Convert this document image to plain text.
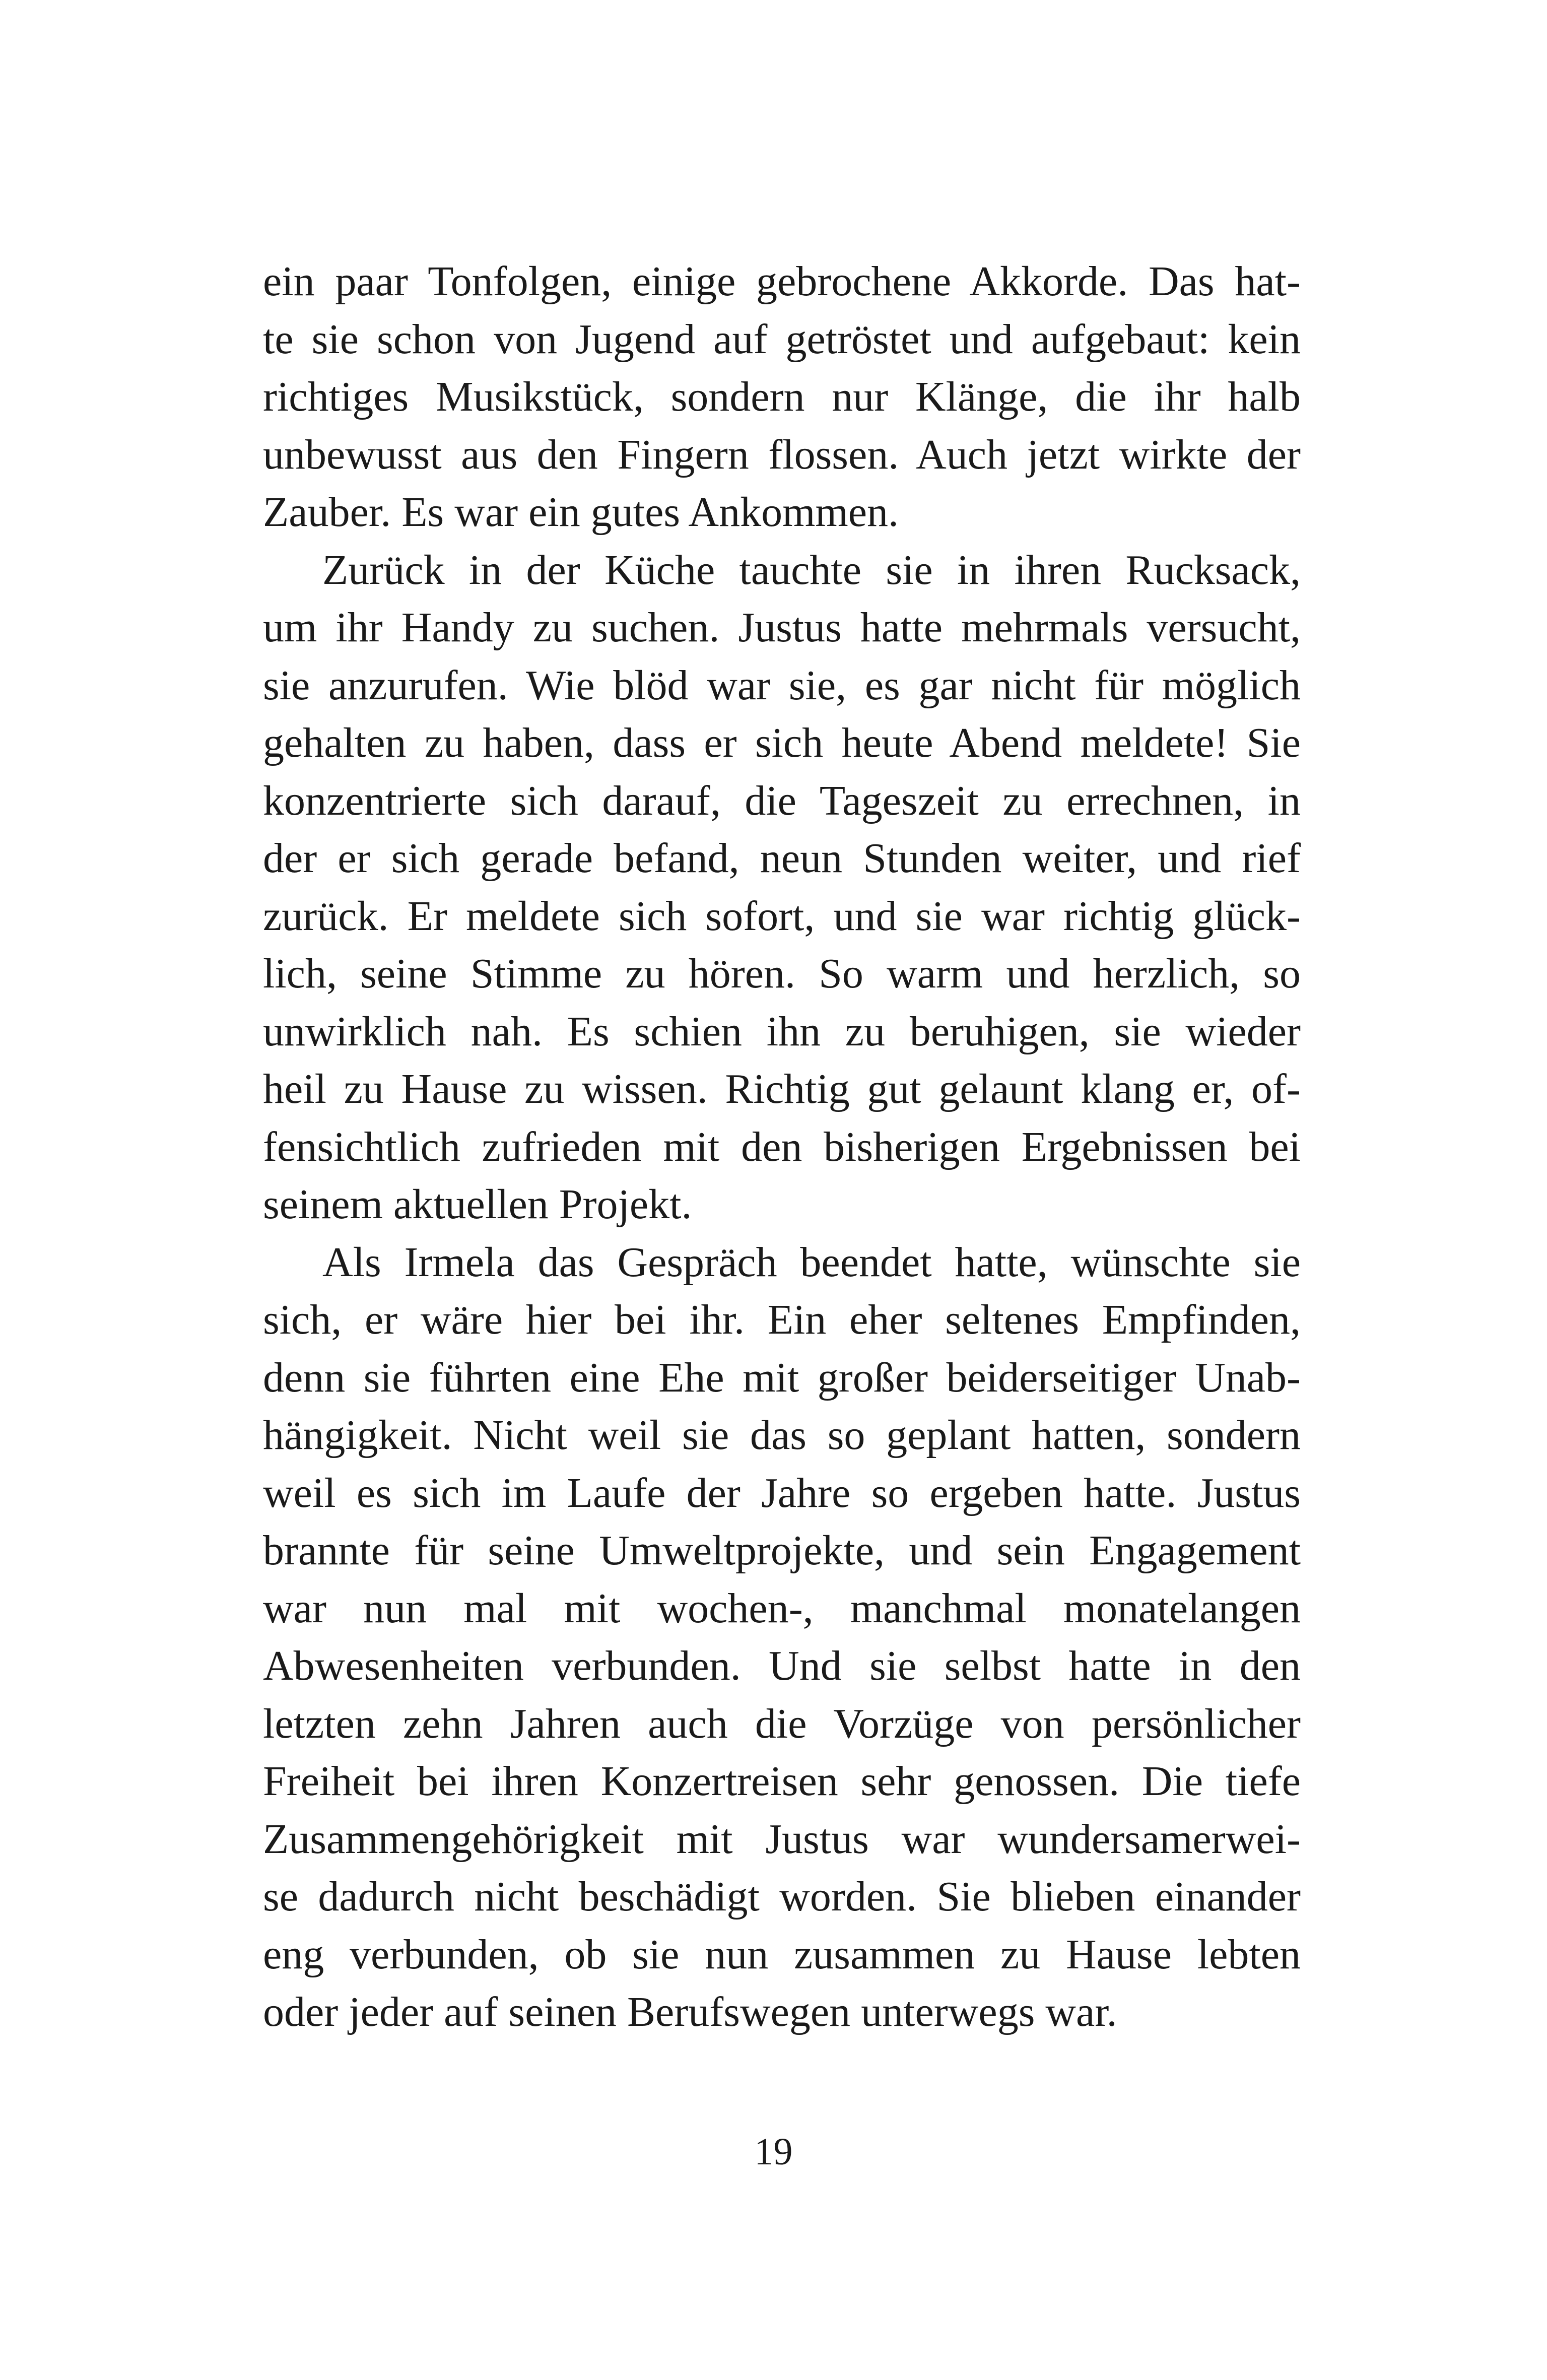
ein paar Tonfolgen, einige gebrochene Akkorde. Das hat-
te sie schon von Jugend auf getröstet und aufgebaut: kein
richtiges Musikstück, sondern nur Klänge, die ihr halb
unbewusst aus den Fingern flossen. Auch jetzt wirkte der
Zauber. Es war ein gutes Ankommen.
Zurück in der Küche tauchte sie in ihren Rucksack,
um ihr Handy zu suchen. Justus hatte mehrmals versucht,
sie anzurufen. Wie blöd war sie, es gar nicht für möglich
gehalten zu haben, dass er sich heute Abend meldete! Sie
konzentrierte sich darauf, die Tageszeit zu errechnen, in
der er sich gerade befand, neun Stunden weiter, und rief
zurück. Er meldete sich sofort, und sie war richtig glück-
lich, seine Stimme zu hören. So warm und herzlich, so
unwirklich nah. Es schien ihn zu beruhigen, sie wieder
heil zu Hause zu wissen. Richtig gut gelaunt klang er, of-
fensichtlich zufrieden mit den bisherigen Ergebnissen bei
seinem aktuellen Projekt.
Als Irmela das Gespräch beendet hatte, wünschte sie
sich, er wäre hier bei ihr. Ein eher seltenes Empfinden,
denn sie führten eine Ehe mit großer beiderseitiger Unab-
hängigkeit. Nicht weil sie das so geplant hatten, sondern
weil es sich im Laufe der Jahre so ergeben hatte. Justus
brannte für seine Umweltprojekte, und sein Engagement
war nun mal mit wochen-, manchmal monatelangen
Abwesenheiten verbunden. Und sie selbst hatte in den
letzten zehn Jahren auch die Vorzüge von persönlicher
Freiheit bei ihren Konzertreisen sehr genossen. Die tiefe
Zusammengehörigkeit mit Justus war wundersamerwei-
se dadurch nicht beschädigt worden. Sie blieben einander
eng verbunden, ob sie nun zusammen zu Hause lebten
oder jeder auf seinen Berufswegen unterwegs war.
19
